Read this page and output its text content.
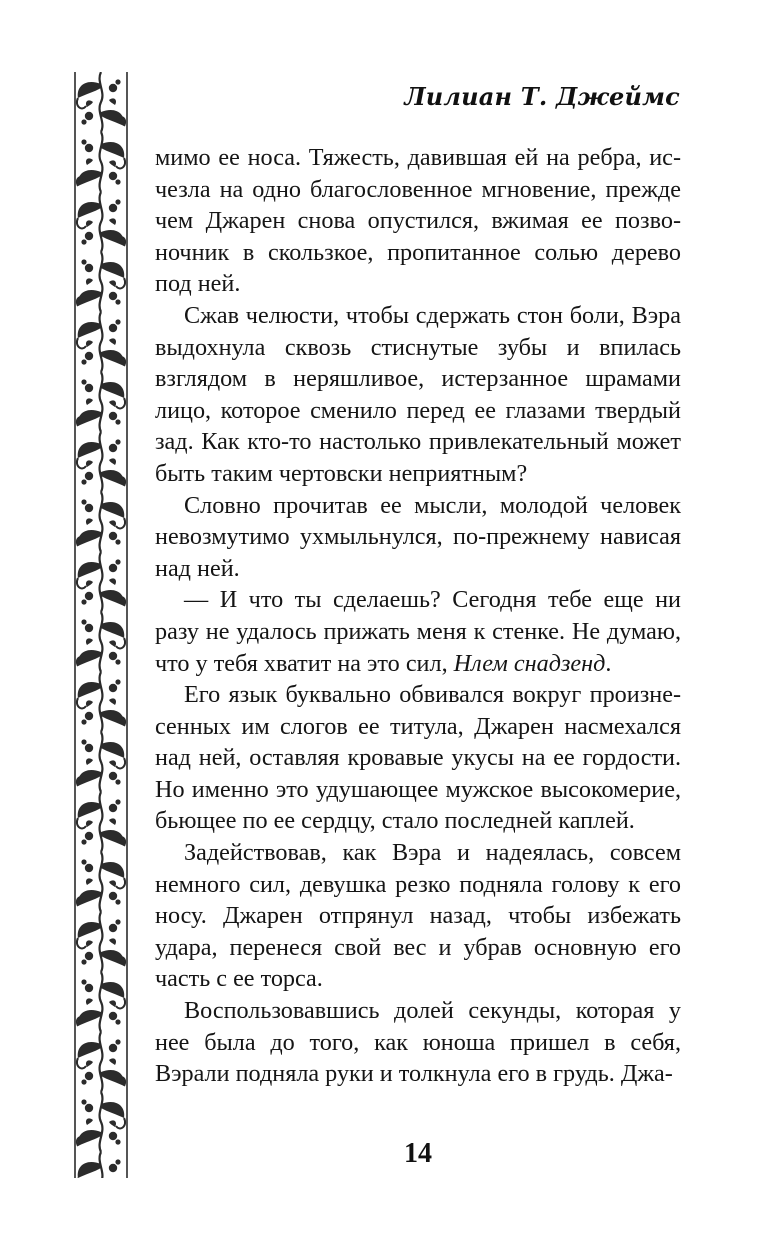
Лилиан Т. Джеймс

мимо ее носа. Тяжесть, давившая ей на ребра, исчезла на одно благословенное мгновение, прежде чем Джарен снова опустился, вжимая ее позвоночник в скользкое, пропитанное солью дерево под ней.

Сжав челюсти, чтобы сдержать стон боли, Вэра выдохнула сквозь стиснутые зубы и впилась взглядом в неряшливое, истерзанное шрамами лицо, которое сменило перед ее глазами твердый зад. Как кто-то настолько привлекательный может быть таким чертовски неприятным?

Словно прочитав ее мысли, молодой человек невозмутимо ухмыльнулся, по-прежнему нависая над ней.

— И что ты сделаешь? Сегодня тебе еще ни разу не удалось прижать меня к стенке. Не думаю, что у тебя хватит на это сил, Нлем снадзенд.

Его язык буквально обвивался вокруг произнесенных им слогов ее титула, Джарен насмехался над ней, оставляя кровавые укусы на ее гордости. Но именно это удушающее мужское высокомерие, бьющее по ее сердцу, стало последней каплей.

Задействовав, как Вэра и надеялась, совсем немного сил, девушка резко подняла голову к его носу. Джарен отпрянул назад, чтобы избежать удара, перенеся свой вес и убрав основную его часть с ее торса.

Воспользовавшись долей секунды, которая у нее была до того, как юноша пришел в себя, Вэрали подняла руки и толкнула его в грудь. Джа-

14
